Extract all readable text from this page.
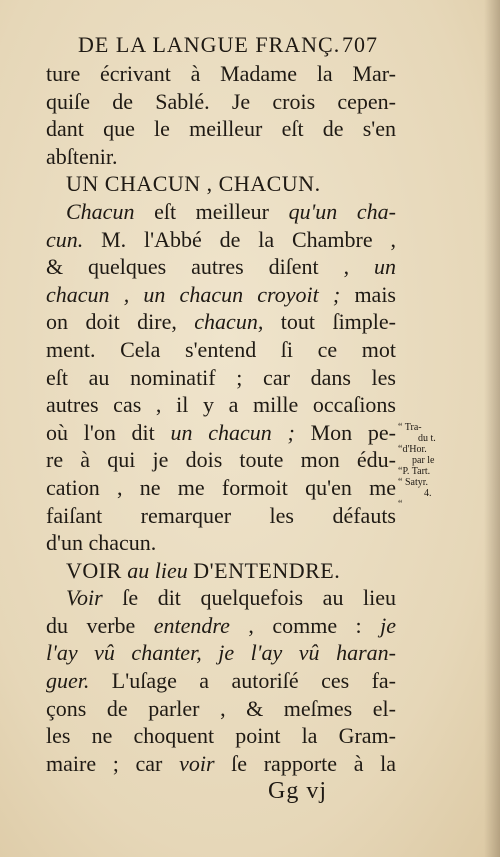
DE LA LANGUE FRANÇ. 707
ture écrivant à Madame la Mar-
quiſe de Sablé. Je crois cepen-
dant que le meilleur eſt de s'en
abſtenir.
UN CHACUN , CHACUN.
Chacun eſt meilleur qu'un cha-
cun. M. l'Abbé de la Chambre ,
& quelques autres diſent , un
chacun , un chacun croyoit ; mais
on doit dire, chacun, tout ſimple-
ment. Cela s'entend ſi ce mot
eſt au nominatif ; car dans les
autres cas , il y a mille occaſions
où l'on dit un chacun ; Mon pe-
re à qui je dois toute mon édu-
cation , ne me formoit qu'en me
faiſant remarquer les défauts
d'un chacun.
VOIR au lieu D'ENTENDRE.
Voir ſe dit quelquefois au lieu
du verbe entendre , comme : je
l'ay vû chanter, je l'ay vû haran-
guer. L'uſage a autoriſé ces fa-
çons de parler , & meſmes el-
les ne choquent point la Gram-
maire ; car voir ſe rapporte à la
“ Tra-
du t.
“d'Hor.
par le
“P. Tart.
“ Satyr.
4.
“
Gg vj
